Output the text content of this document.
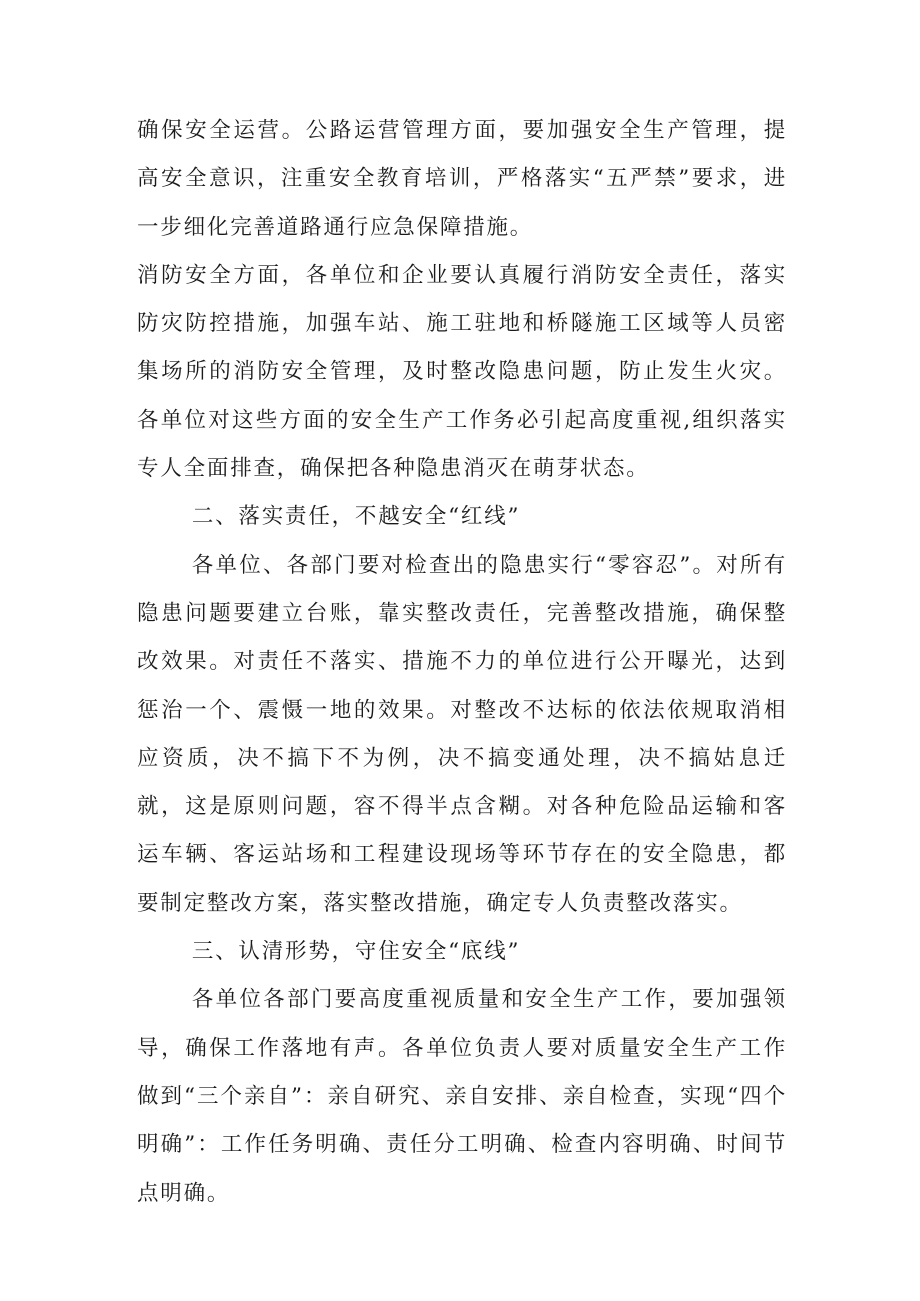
确保安全运营。公路运营管理方面，要加强安全生产管理，提高安全意识，注重安全教育培训，严格落实“五严禁”要求，进一步细化完善道路通行应急保障措施。

消防安全方面，各单位和企业要认真履行消防安全责任，落实防灾防控措施，加强车站、施工驻地和桥隧施工区域等人员密集场所的消防安全管理，及时整改隐患问题，防止发生火灾。各单位对这些方面的安全生产工作务必引起高度重视,组织落实专人全面排查，确保把各种隐患消灭在萌芽状态。

二、落实责任，不越安全“红线”

各单位、各部门要对检查出的隐患实行“零容忍”。对所有隐患问题要建立台账，靠实整改责任，完善整改措施，确保整改效果。对责任不落实、措施不力的单位进行公开曝光，达到惩治一个、震慑一地的效果。对整改不达标的依法依规取消相应资质，决不搞下不为例，决不搞变通处理，决不搞姑息迁就，这是原则问题，容不得半点含糊。对各种危险品运输和客运车辆、客运站场和工程建设现场等环节存在的安全隐患，都要制定整改方案，落实整改措施，确定专人负责整改落实。

三、认清形势，守住安全“底线”

各单位各部门要高度重视质量和安全生产工作，要加强领导，确保工作落地有声。各单位负责人要对质量安全生产工作做到“三个亲自”：亲自研究、亲自安排、亲自检查，实现“四个明确”：工作任务明确、责任分工明确、检查内容明确、时间节点明确。
